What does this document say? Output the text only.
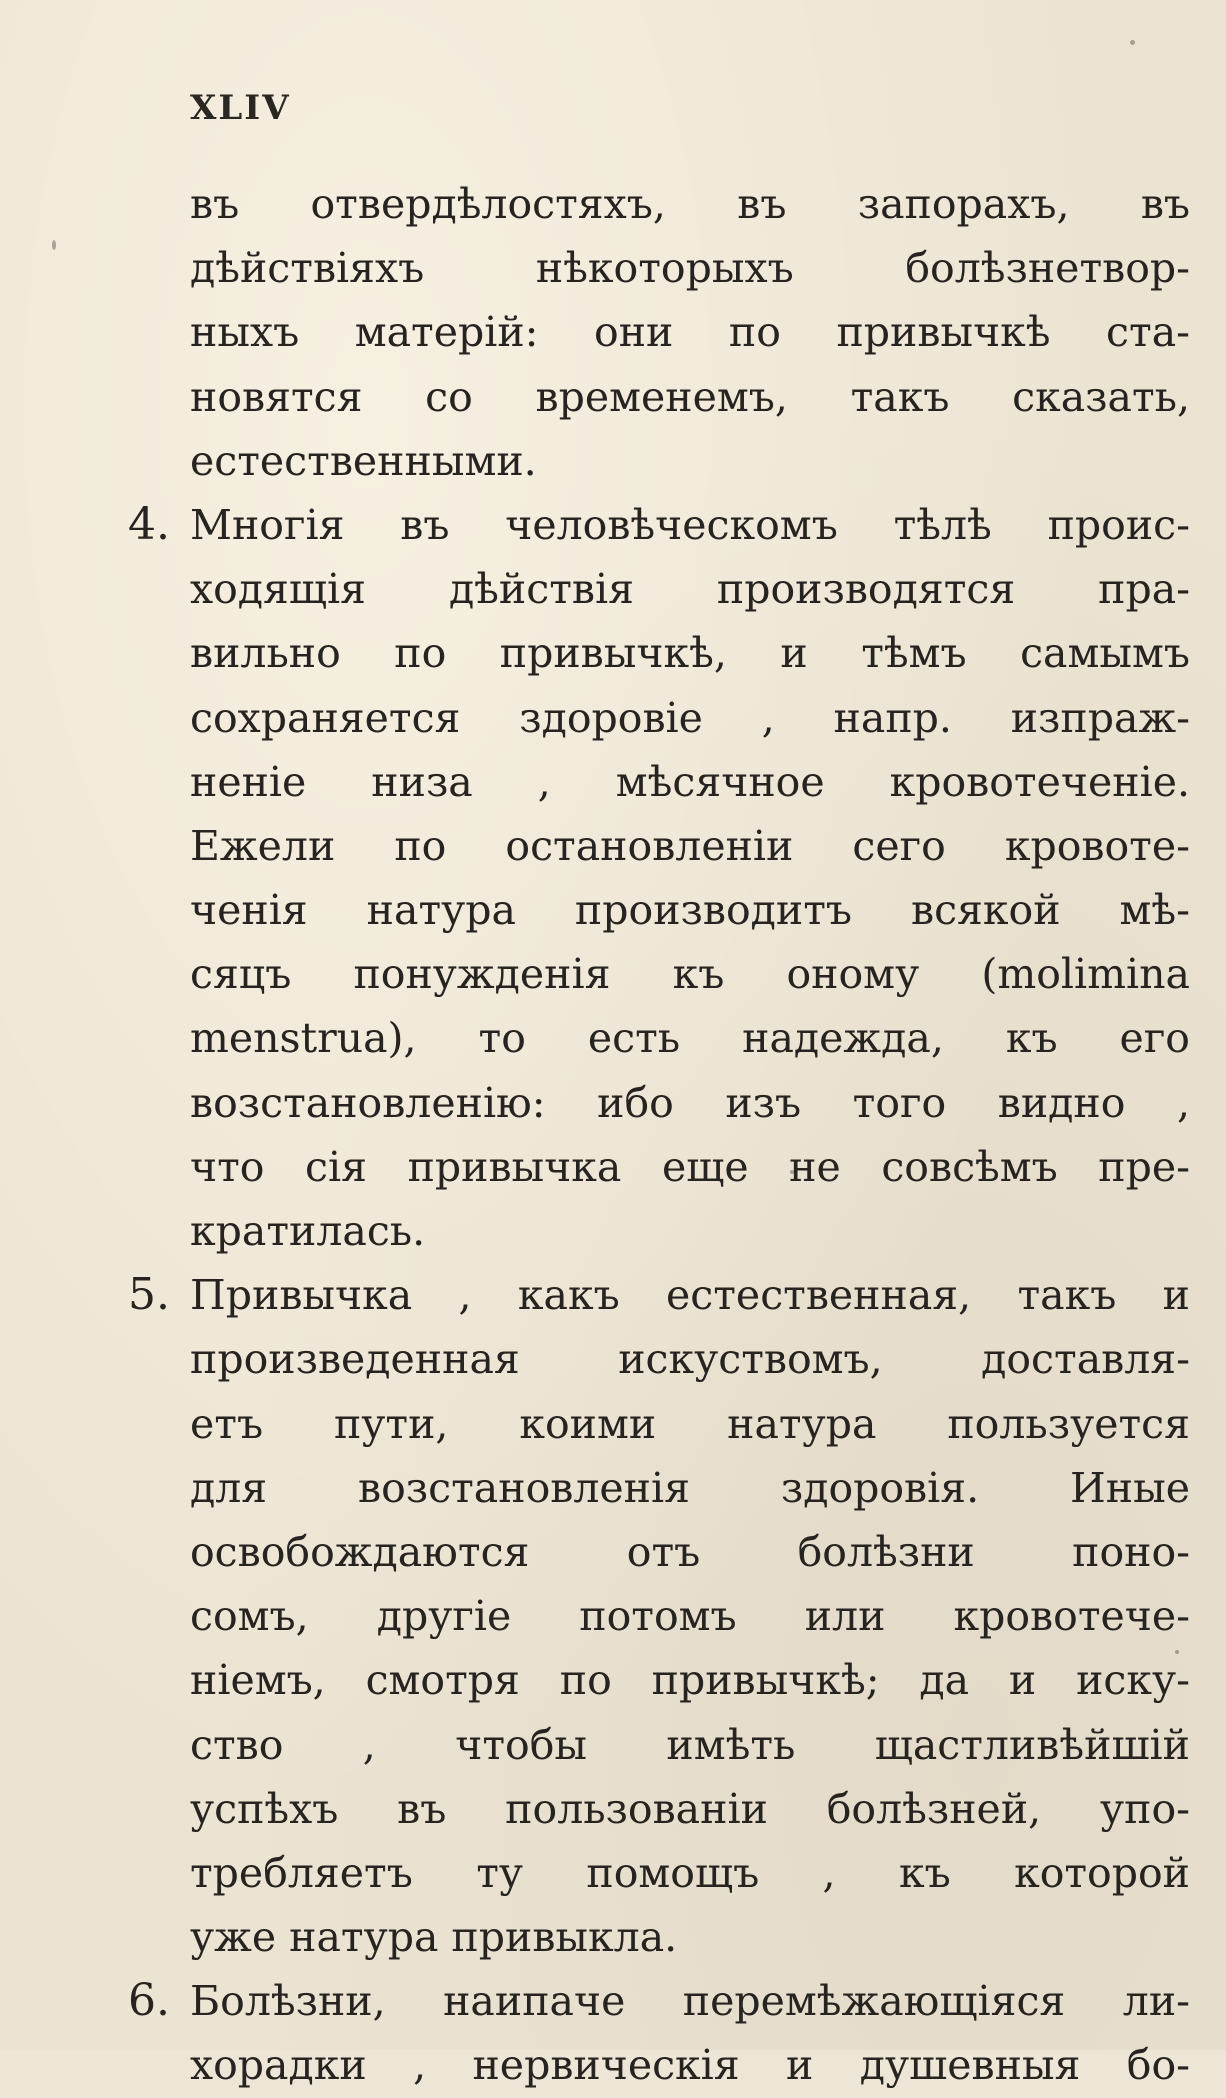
XLIV
въ отвердѣлостяхъ, въ запорахъ, въ
дѣйствіяхъ нѣкоторыхъ болѣзнетвор-
ныхъ матерій: они по привычкѣ ста-
новятся со временемъ, такъ сказать,
естественными.
4. Многія въ человѣческомъ тѣлѣ проис-
ходящія дѣйствія производятся пра-
вильно по привычкѣ, и тѣмъ самымъ
сохраняется здоровіе , напр. изпраж-
неніе низа , мѣсячное кровотеченіе.
Ежели по остановленіи сего кровоте-
ченія натура производитъ всякой мѣ-
сяцъ понужденія къ оному (molimina
menstrua), то есть надежда, къ его
возстановленію: ибо изъ того видно ,
что сія привычка еще не совсѣмъ пре-
кратилась.
5. Привычка , какъ естественная, такъ и
произведенная искуствомъ, доставля-
етъ пути, коими натура пользуется
для возстановленія здоровія. Иные
освобождаются отъ болѣзни поно-
сомъ, другіе потомъ или кровотече-
ніемъ, смотря по привычкѣ; да и иску-
ство , чтобы имѣть щастливѣйшій
успѣхъ въ пользованіи болѣзней, упо-
требляетъ ту помощъ , къ которой
уже натура привыкла.
6. Болѣзни, наипаче перемѣжающіяся ли-
хорадки , нервическія и душевныя бо-
